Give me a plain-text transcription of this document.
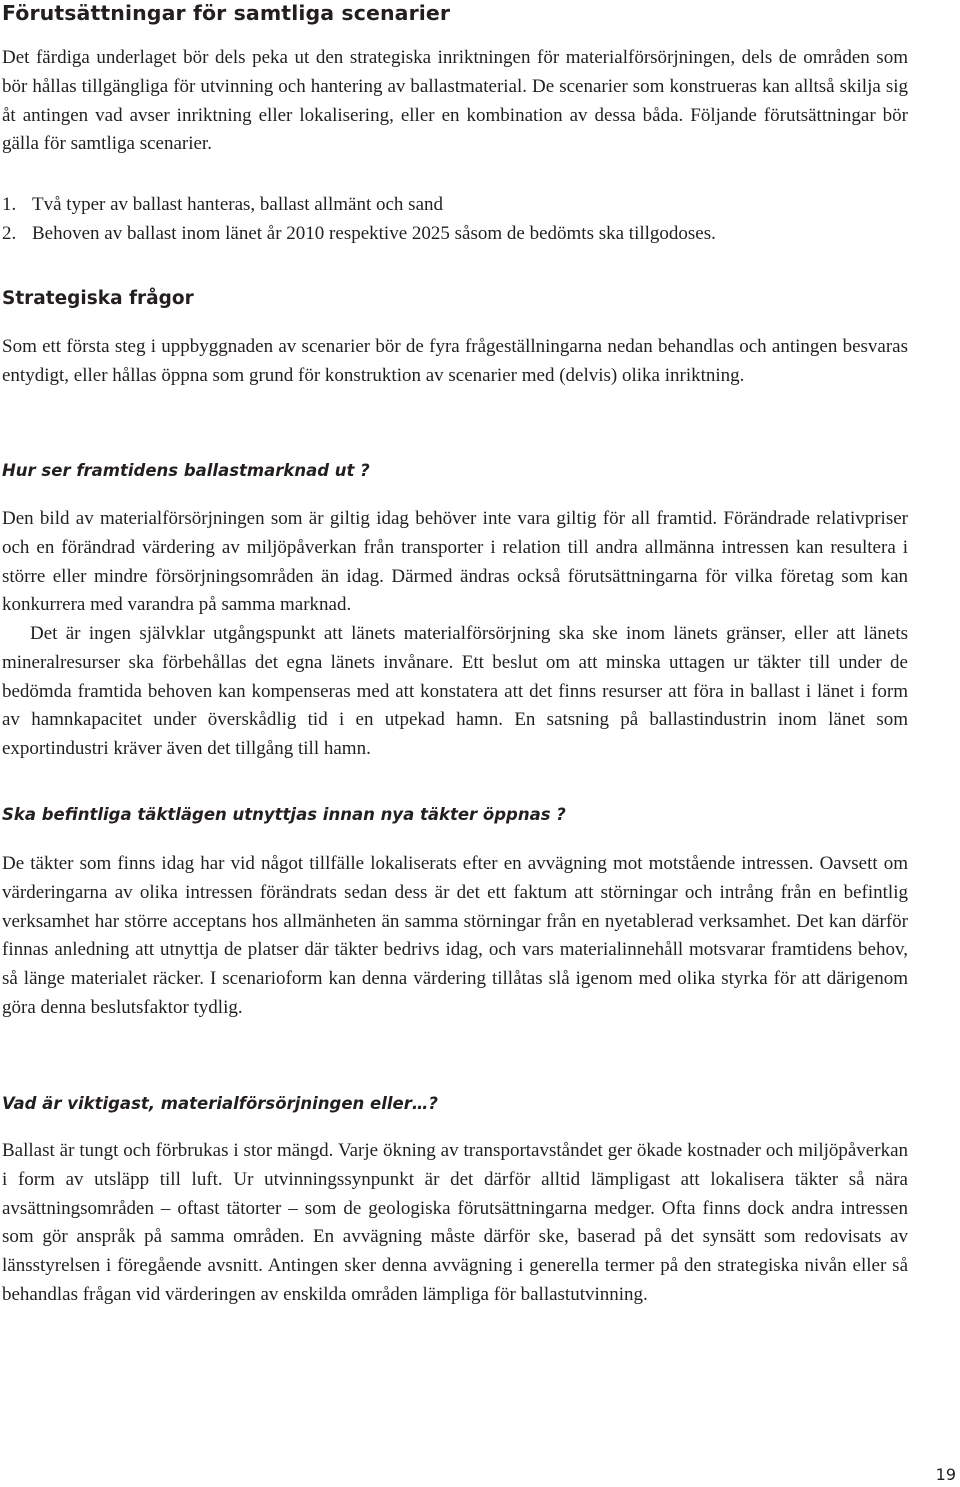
Förutsättningar för samtliga scenarier

Det färdiga underlaget bör dels peka ut den strategiska inriktningen för materialförsörjningen, dels de områden som bör hållas tillgängliga för utvinning och hantering av ballastmaterial. De scenarier som konstrueras kan alltså skilja sig åt antingen vad avser inriktning eller lokalisering, eller en kombination av dessa båda. Följande förutsättningar bör gälla för samtliga scenarier.

1. Två typer av ballast hanteras, ballast allmänt och sand
2. Behoven av ballast inom länet år 2010 respektive 2025 såsom de bedömts ska tillgodoses.
Strategiska frågor

Som ett första steg i uppbyggnaden av scenarier bör de fyra frågeställningarna nedan behandlas och antingen besvaras entydigt, eller hållas öppna som grund för konstruktion av scenarier med (delvis) olika inriktning.

Hur ser framtidens ballastmarknad ut ?

Den bild av materialförsörjningen som är giltig idag behöver inte vara giltig för all framtid. Förändrade relativpriser och en förändrad värdering av miljöpåverkan från transporter i relation till andra allmänna intressen kan resultera i större eller mindre försörjningsområden än idag. Därmed ändras också förutsättningarna för vilka företag som kan konkurrera med varandra på samma marknad.

Det är ingen självklar utgångspunkt att länets materialförsörjning ska ske inom länets gränser, eller att länets mineralresurser ska förbehållas det egna länets invånare. Ett beslut om att minska uttagen ur täkter till under de bedömda framtida behoven kan kompenseras med att konstatera att det finns resurser att föra in ballast i länet i form av hamnkapacitet under överskådlig tid i en utpekad hamn. En satsning på ballastindustrin inom länet som exportindustri kräver även det tillgång till hamn.

Ska befintliga täktlägen utnyttjas innan nya täkter öppnas ?

De täkter som finns idag har vid något tillfälle lokaliserats efter en avvägning mot motstående intressen. Oavsett om värderingarna av olika intressen förändrats sedan dess är det ett faktum att störningar och intrång från en befintlig verksamhet har större acceptans hos allmänheten än samma störningar från en nyetablerad verksamhet. Det kan därför finnas anledning att utnyttja de platser där täkter bedrivs idag, och vars materialinnehåll motsvarar framtidens behov, så länge materialet räcker. I scenarioform kan denna värdering tillåtas slå igenom med olika styrka för att därigenom göra denna beslutsfaktor tydlig.

Vad är viktigast, materialförsörjningen eller…?

Ballast är tungt och förbrukas i stor mängd. Varje ökning av transportavståndet ger ökade kostnader och miljöpåverkan i form av utsläpp till luft. Ur utvinningssynpunkt är det därför alltid lämpligast att lokalisera täkter så nära avsättningsområden – oftast tätorter – som de geologiska förutsättningarna medger. Ofta finns dock andra intressen som gör anspråk på samma områden. En avvägning måste därför ske, baserad på det synsätt som redovisats av länsstyrelsen i föregående avsnitt. Antingen sker denna avvägning i generella termer på den strategiska nivån eller så behandlas frågan vid värderingen av enskilda områden lämpliga för ballastutvinning.

19
